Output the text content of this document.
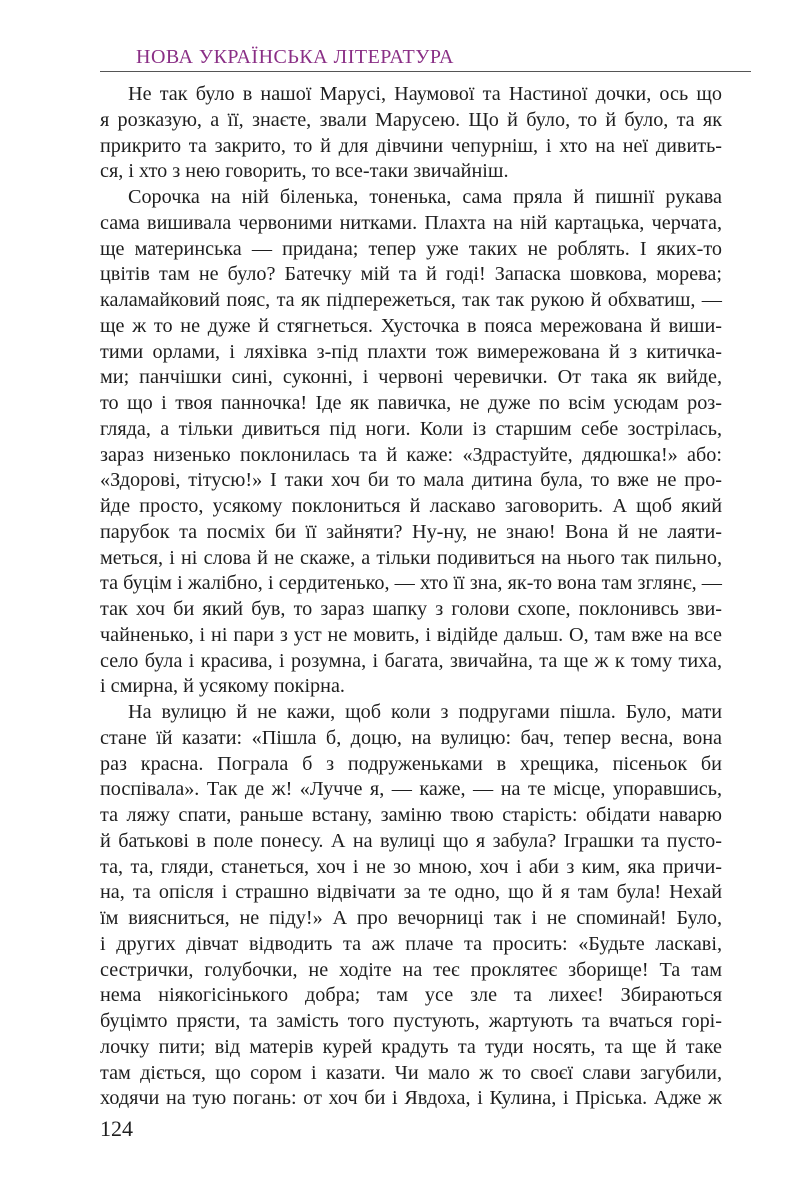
НОВА УКРАЇНСЬКА ЛІТЕРАТУРА
Не так було в нашої Марусі, Наумової та Настиної дочки, ось що
я розказую, а її, знаєте, звали Марусею. Що й було, то й було, та як
прикрито та закрито, то й для дівчини чепурніш, і хто на неї дивить-
ся, і хто з нею говорить, то все-таки звичайніш.
Сорочка на ній біленька, тоненька, сама пряла й пишнії рукава
сама вишивала червоними нитками. Плахта на ній картацька, черчата,
ще материнська — придана; тепер уже таких не роблять. І яких-то
цвітів там не було? Батечку мій та й годі! Запаска шовкова, морева;
каламайковий пояс, та як підпережеться, так так рукою й обхватиш, —
ще ж то не дуже й стягнеться. Хусточка в пояса мережована й виши-
тими орлами, і ляхівка з-під плахти тож вимережована й з китичка-
ми; панчішки сині, суконні, і червоні черевички. От така як вийде,
то що і твоя панночка! Іде як павичка, не дуже по всім усюдам роз-
гляда, а тільки дивиться під ноги. Коли із старшим себе зострілась,
зараз низенько поклонилась та й каже: «Здрастуйте, дядюшка!» або:
«Здорові, тітусю!» І таки хоч би то мала дитина була, то вже не про-
йде просто, усякому поклониться й ласкаво заговорить. А щоб який
парубок та посміх би її зайняти? Ну-ну, не знаю! Вона й не лаяти-
меться, і ні слова й не скаже, а тільки подивиться на нього так пильно,
та буцім і жалібно, і сердитенько, — хто її зна, як-то вона там зглянє, —
так хоч би який був, то зараз шапку з голови схопе, поклонивсь зви-
чайненько, і ні пари з уст не мовить, і відійде дальш. О, там вже на все
село була і красива, і розумна, і багата, звичайна, та ще ж к тому тиха,
і смирна, й усякому покірна.
На вулицю й не кажи, щоб коли з подругами пішла. Було, мати
стане їй казати: «Пішла б, доцю, на вулицю: бач, тепер весна, вона
раз красна. Пограла б з подруженьками в хрещика, пісеньок би
поспівала». Так де ж! «Лучче я, — каже, — на те місце, упоравшись,
та ляжу спати, раньше встану, заміню твою старість: обідати наварю
й батькові в поле понесу. А на вулиці що я забула? Іграшки та пусто-
та, та, гляди, станеться, хоч і не зо мною, хоч і аби з ким, яка причи-
на, та опісля і страшно відвічати за те одно, що й я там була! Нехай
їм вияснитьcя, не піду!» А про вечорниці так і не споминай! Було,
і других дівчат відводить та аж плаче та просить: «Будьте ласкаві,
сестрички, голубочки, не ходіте на теє проклятеє зборище! Та там
нема ніякогісінького добра; там усе зле та лихеє! Збираються
буцімто прясти, та замість того пустують, жартують та вчаться горі-
лочку пити; від матерів курей крадуть та туди носять, та ще й таке
там діється, що сором і казати. Чи мало ж то своєї слави загубили,
ходячи на тую погань: от хоч би і Явдоха, і Кулина, і Пріська. Адже ж
124
